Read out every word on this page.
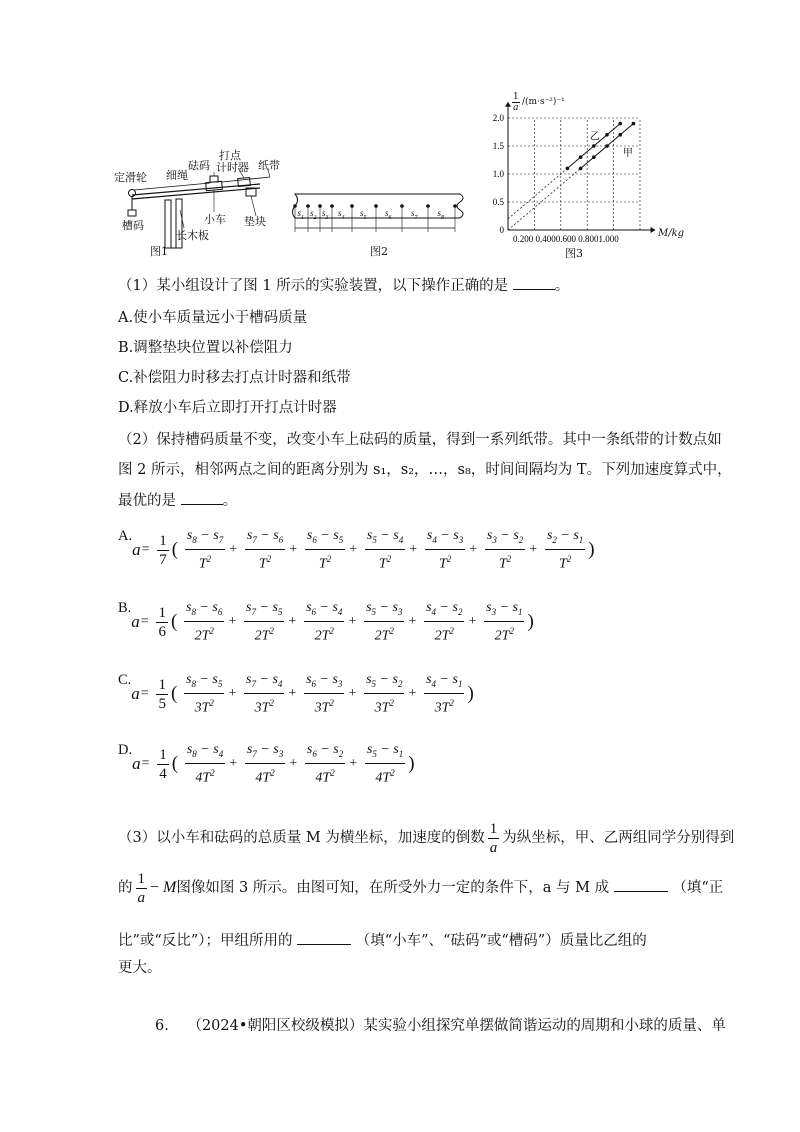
定滑轮 细绳
砝码
打点
计时器 纸带
槽码	小车
长木板
垫块
图1
$s_1$ $s_2$ $s_3$ $s_4$ $s_5$ $s_6$ $s_7$ $s_8$
图2
2.0
1.5
1.0
0.5
0
0.200 0.4000.600 0.8001.000
乙
甲
1
a
/(m·s⁻²)⁻¹
M/kg
图3
（1）某小组设计了图 1 所示的实验装置，以下操作正确的是	。
A.使小车质量远小于槽码质量
B.调整垫块位置以补偿阻力
C.补偿阻力时移去打点计时器和纸带
D.释放小车后立即打开打点计时器
（2）保持槽码质量不变，改变小车上砝码的质量，得到一系列纸带。其中一条纸带的计数点如
图 2 所示，相邻两点之间的距离分别为 s₁，s₂，…，s₈，时间间隔均为 T。下列加速度算式中，
最优的是	。
$A.a= \frac{1}{7}$ ( $\frac{s_8 - s_7}{T^2} + \frac{s_7 - s_6}{T^2} + \frac{s_6 - s_5}{T^2} + \frac{s_5 - s_4}{T^2} + \frac{s_4 - s_3}{T^2} + \frac{s_3 - s_2}{T^2} + \frac{s_2 - s_1}{T^2}$ )
$B.a= \frac{1}{6}$ ( $\frac{s_8 - s_6}{2T^2} + \frac{s_7 - s_5}{2T^2} + \frac{s_6 - s_4}{2T^2} + \frac{s_5 - s_3}{2T^2} + \frac{s_4 - s_2}{2T^2} + \frac{s_3 - s_1}{2T^2}$ )
$C.a= \frac{1}{5}$ ( $\frac{s_8 - s_5}{3T^2} + \frac{s_7 - s_4}{3T^2} + \frac{s_6 - s_3}{3T^2} + \frac{s_5 - s_2}{3T^2} + \frac{s_4 - s_1}{3T^2}$ )
$D.a= \frac{1}{4}$ ( $\frac{s_8 - s_4}{4T^2} + \frac{s_7 - s_3}{4T^2} + \frac{s_6 - s_2}{4T^2} + \frac{s_5 - s_1}{4T^2}$ )
（3）以小车和砝码的总质量 M 为横坐标，加速度的倒数 $\frac{1}{a}$ 为纵坐标，甲、乙两组同学分别得到
的 $\frac{1}{a} - M$图像如图 3 所示。由图可知，在所受外力一定的条件下，a 与 M 成	（填“正
比”或“反比”）；甲组所用的	（填“小车”、“砝码”或“槽码”）质量比乙组的
更大。
6. （2024•朝阳区校级模拟）某实验小组探究单摆做简谐运动的周期和小球的质量、单
